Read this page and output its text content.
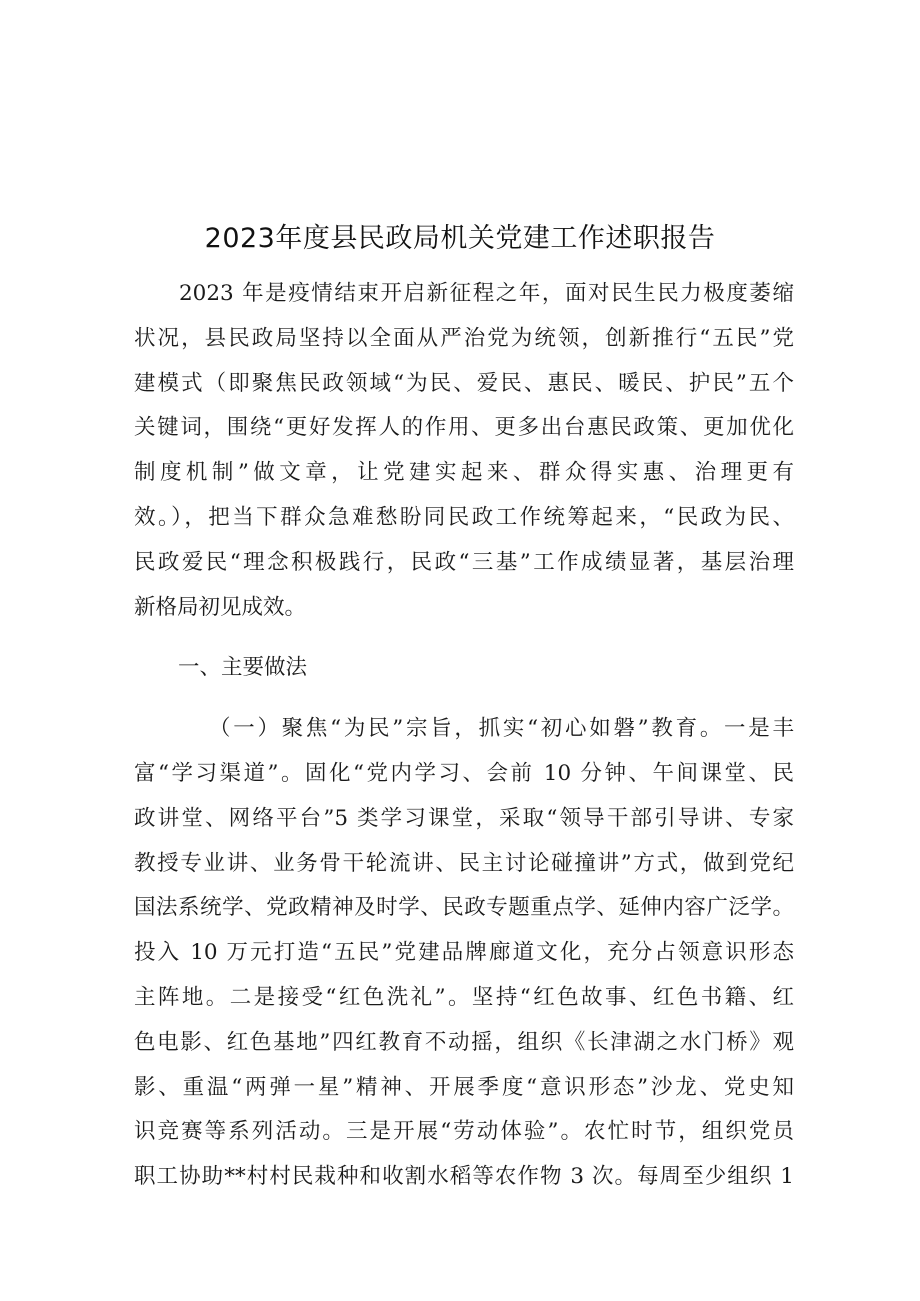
2023年度县民政局机关党建工作述职报告
2023 年是疫情结束开启新征程之年，面对民生民力极度萎缩
状况，县民政局坚持以全面从严治党为统领，创新推行“五民”党
建模式（即聚焦民政领域“为民、爱民、惠民、暖民、护民”五个
关键词，围绕“更好发挥人的作用、更多出台惠民政策、更加优化
制度机制”做文章，让党建实起来、群众得实惠、治理更有
效。），把当下群众急难愁盼同民政工作统筹起来，“民政为民、
民政爱民“理念积极践行，民政“三基”工作成绩显著，基层治理
新格局初见成效。
一、主要做法
（一）聚焦“为民”宗旨，抓实“初心如磐”教育。一是丰
富“学习渠道”。固化“党内学习、会前 10 分钟、午间课堂、民
政讲堂、网络平台”5 类学习课堂，采取“领导干部引导讲、专家
教授专业讲、业务骨干轮流讲、民主讨论碰撞讲”方式，做到党纪
国法系统学、党政精神及时学、民政专题重点学、延伸内容广泛学。
投入 10 万元打造“五民”党建品牌廊道文化，充分占领意识形态
主阵地。二是接受“红色洗礼”。坚持“红色故事、红色书籍、红
色电影、红色基地”四红教育不动摇，组织《长津湖之水门桥》观
影、重温“两弹一星”精神、开展季度“意识形态”沙龙、党史知
识竞赛等系列活动。三是开展“劳动体验”。农忙时节，组织党员
职工协助**村村民栽种和收割水稻等农作物 3 次。每周至少组织 1
